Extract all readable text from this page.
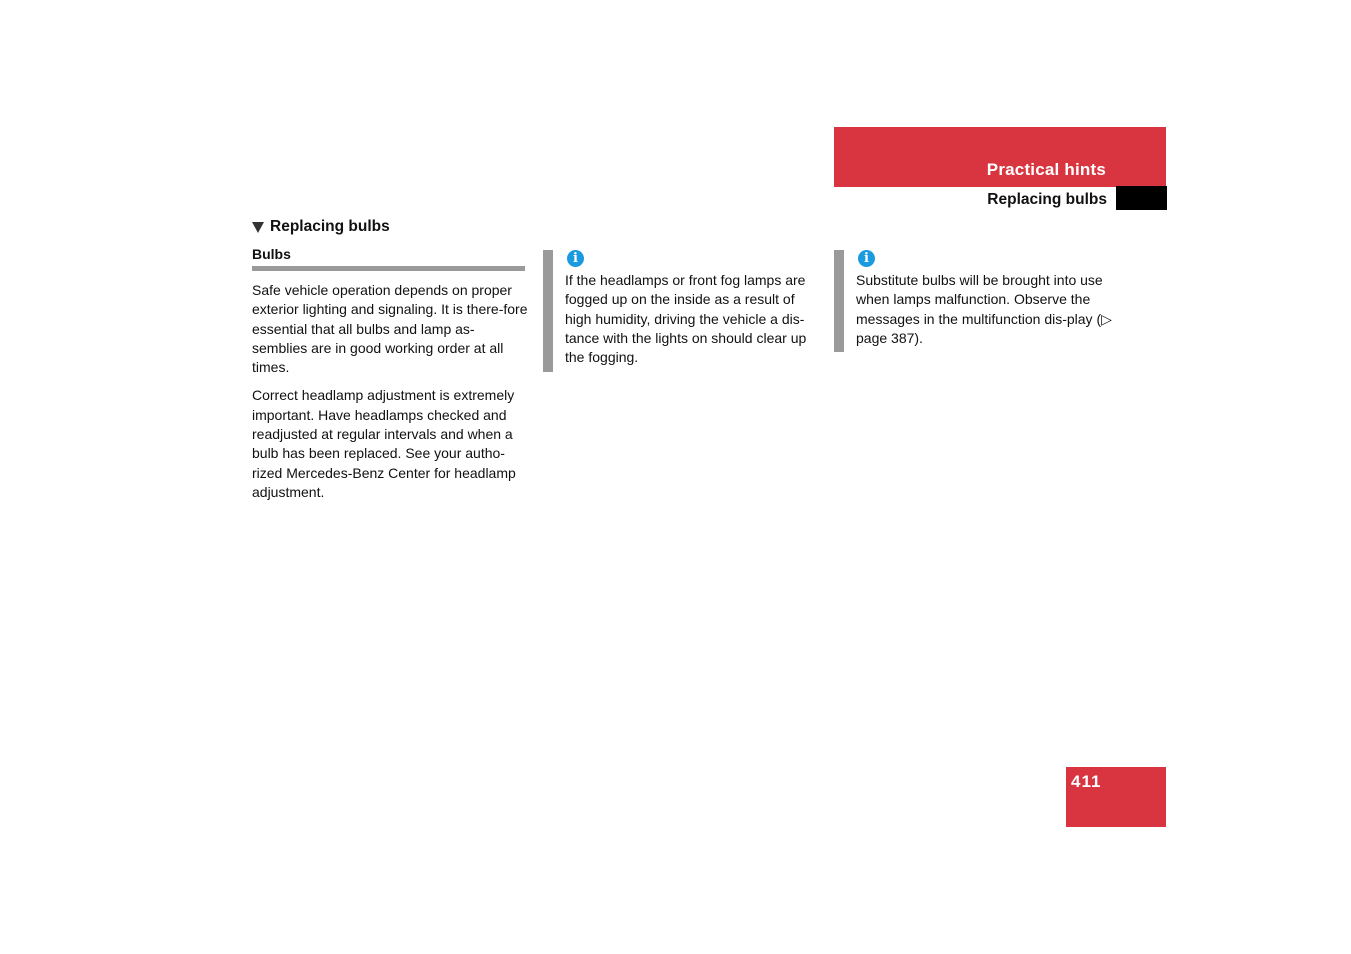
Practical hints
Replacing bulbs
Replacing bulbs
Bulbs

Safe vehicle operation depends on proper exterior lighting and signaling. It is there-fore essential that all bulbs and lamp as-semblies are in good working order at all times.

Correct headlamp adjustment is extremely important. Have headlamps checked and readjusted at regular intervals and when a bulb has been replaced. See your autho-rized Mercedes-Benz Center for headlamp adjustment.

i
If the headlamps or front fog lamps are fogged up on the inside as a result of high humidity, driving the vehicle a dis-tance with the lights on should clear up the fogging.
i
Substitute bulbs will be brought into use when lamps malfunction. Observe the messages in the multifunction dis-play (▷ page 387).
411
